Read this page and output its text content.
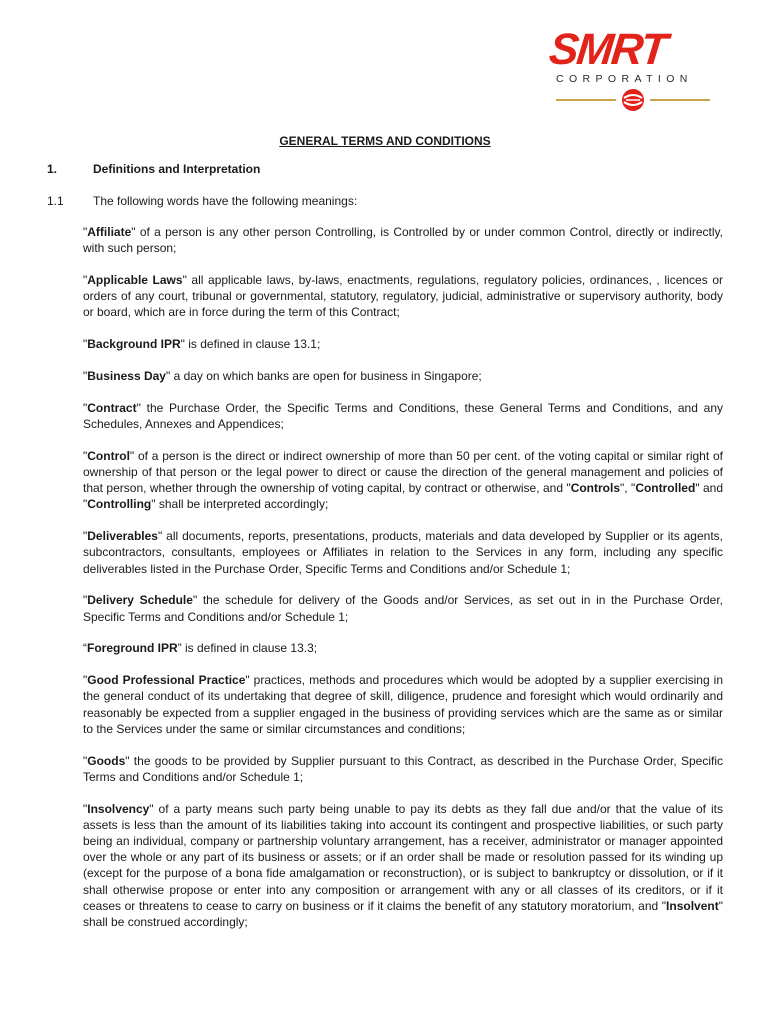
SMRT
CORPORATION
GENERAL TERMS AND CONDITIONS
1.	Definitions and Interpretation
1.1 The following words have the following meanings:

"Affiliate" of a person is any other person Controlling, is Controlled by or under common Control, directly or indirectly, with such person;

"Applicable Laws" all applicable laws, by-laws, enactments, regulations, regulatory policies, ordinances, , licences or orders of any court, tribunal or governmental, statutory, regulatory, judicial, administrative or supervisory authority, body or board, which are in force during the term of this Contract;

"Background IPR" is defined in clause 13.1;

"Business Day" a day on which banks are open for business in Singapore;

"Contract" the Purchase Order, the Specific Terms and Conditions, these General Terms and Conditions, and any Schedules, Annexes and Appendices;

"Control" of a person is the direct or indirect ownership of more than 50 per cent. of the voting capital or similar right of ownership of that person or the legal power to direct or cause the direction of the general management and policies of that person, whether through the ownership of voting capital, by contract or otherwise, and "Controls", "Controlled" and "Controlling" shall be interpreted accordingly;

"Deliverables" all documents, reports, presentations, products, materials and data developed by Supplier or its agents, subcontractors, consultants, employees or Affiliates in relation to the Services in any form, including any specific deliverables listed in the Purchase Order, Specific Terms and Conditions and/or Schedule 1;

"Delivery Schedule" the schedule for delivery of the Goods and/or Services, as set out in in the Purchase Order, Specific Terms and Conditions and/or Schedule 1;

“Foreground IPR” is defined in clause 13.3;

"Good Professional Practice" practices, methods and procedures which would be adopted by a supplier exercising in the general conduct of its undertaking that degree of skill, diligence, prudence and foresight which would ordinarily and reasonably be expected from a supplier engaged in the business of providing services which are the same as or similar to the Services under the same or similar circumstances and conditions;

"Goods" the goods to be provided by Supplier pursuant to this Contract, as described in the Purchase Order, Specific Terms and Conditions and/or Schedule 1;

"Insolvency" of a party means such party being unable to pay its debts as they fall due and/or that the value of its assets is less than the amount of its liabilities taking into account its contingent and prospective liabilities, or such party being an individual, company or partnership voluntary arrangement, has a receiver, administrator or manager appointed over the whole or any part of its business or assets; or if an order shall be made or resolution passed for its winding up (except for the purpose of a bona fide amalgamation or reconstruction), or is subject to bankruptcy or dissolution, or if it shall otherwise propose or enter into any composition or arrangement with any or all classes of its creditors, or if it ceases or threatens to cease to carry on business or if it claims the benefit of any statutory moratorium, and "Insolvent" shall be construed accordingly;
